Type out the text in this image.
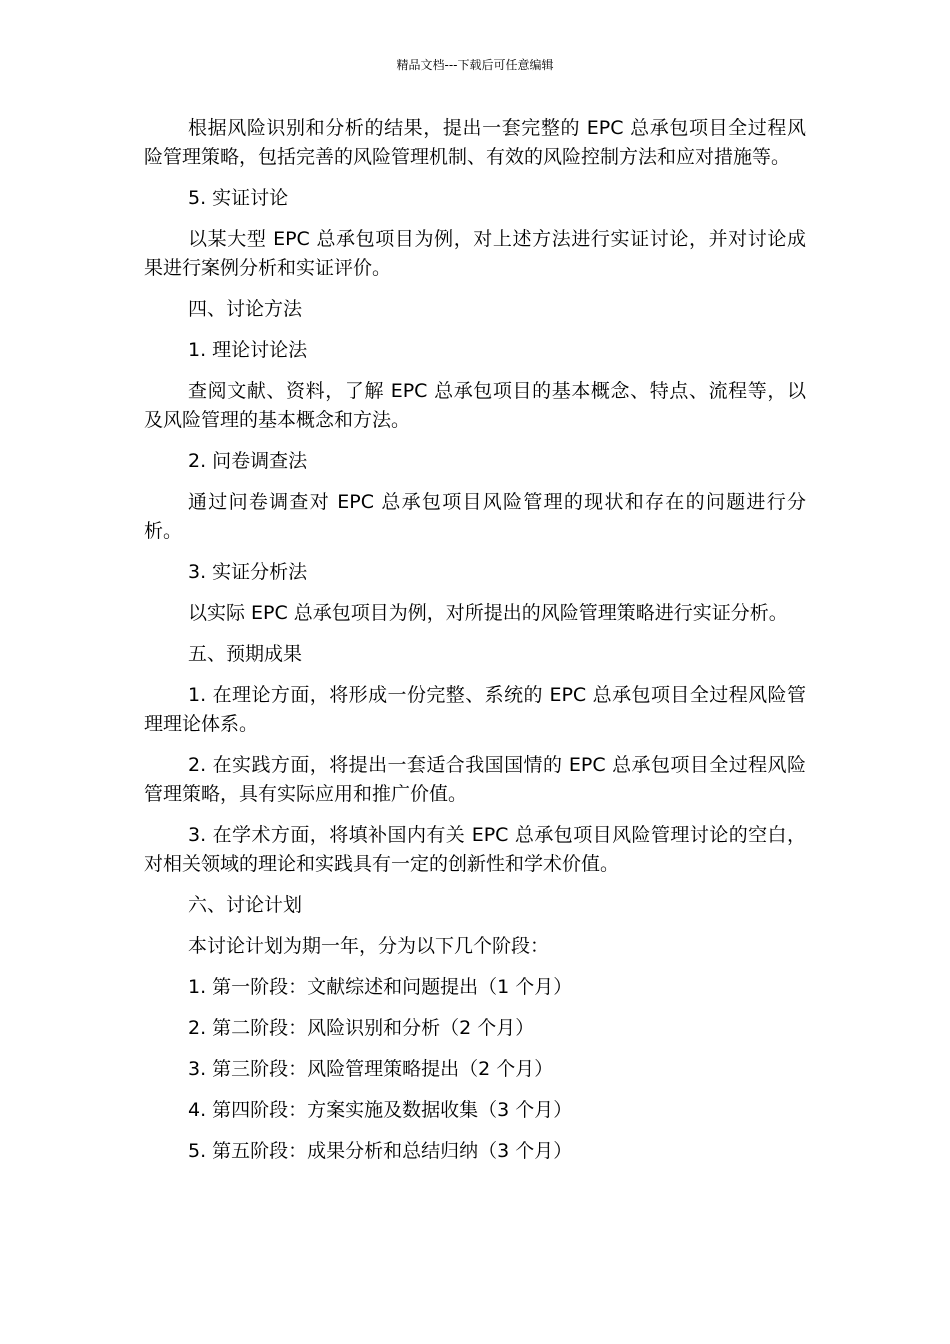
精品文档---下载后可任意编辑

根据风险识别和分析的结果，提出一套完整的 EPC 总承包项目全过程风险管理策略，包括完善的风险管理机制、有效的风险控制方法和应对措施等。

5. 实证讨论

以某大型 EPC 总承包项目为例，对上述方法进行实证讨论，并对讨论成果进行案例分析和实证评价。

四、讨论方法

1. 理论讨论法

查阅文献、资料，了解 EPC 总承包项目的基本概念、特点、流程等，以及风险管理的基本概念和方法。

2. 问卷调查法

通过问卷调查对 EPC 总承包项目风险管理的现状和存在的问题进行分析。

3. 实证分析法

以实际 EPC 总承包项目为例，对所提出的风险管理策略进行实证分析。

五、预期成果

1. 在理论方面，将形成一份完整、系统的 EPC 总承包项目全过程风险管理理论体系。

2. 在实践方面，将提出一套适合我国国情的 EPC 总承包项目全过程风险管理策略，具有实际应用和推广价值。

3. 在学术方面，将填补国内有关 EPC 总承包项目风险管理讨论的空白，对相关领域的理论和实践具有一定的创新性和学术价值。

六、讨论计划

本讨论计划为期一年，分为以下几个阶段：

1. 第一阶段：文献综述和问题提出（1 个月）

2. 第二阶段：风险识别和分析（2 个月）

3. 第三阶段：风险管理策略提出（2 个月）

4. 第四阶段：方案实施及数据收集（3 个月）

5. 第五阶段：成果分析和总结归纳（3 个月）
